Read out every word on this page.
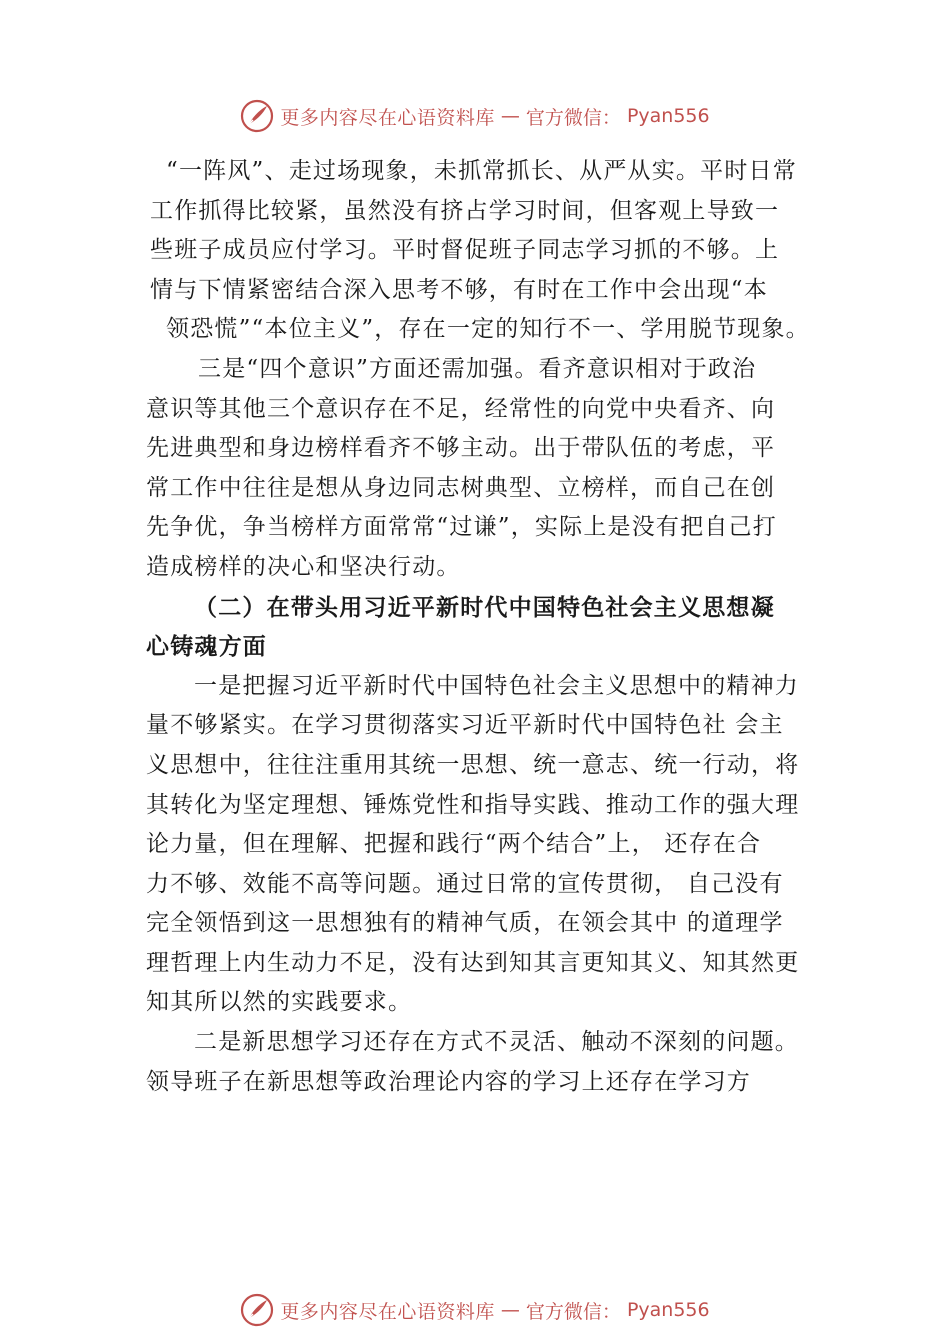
更多内容尽在心语资料库 — 官方微信： Pyan556
“一阵风”、走过场现象，未抓常抓长、从严从实。平时日常
工作抓得比较紧，虽然没有挤占学习时间，但客观上导致一
些班子成员应付学习。平时督促班子同志学习抓的不够。上
情与下情紧密结合深入思考不够，有时在工作中会出现“本
领恐慌”“本位主义”，存在一定的知行不一、学用脱节现象。
三是“四个意识”方面还需加强。看齐意识相对于政治
意识等其他三个意识存在不足，经常性的向党中央看齐、向
先进典型和身边榜样看齐不够主动。出于带队伍的考虑，平
常工作中往往是想从身边同志树典型、立榜样，而自己在创
先争优，争当榜样方面常常“过谦”，实际上是没有把自己打
造成榜样的决心和坚决行动。
（二）在带头用习近平新时代中国特色社会主义思想凝
心铸魂方面
一是把握习近平新时代中国特色社会主义思想中的精神力
量不够紧实。在学习贯彻落实习近平新时代中国特色社 会主
义思想中，往往注重用其统一思想、统一意志、统一行动，将
其转化为坚定理想、锤炼党性和指导实践、推动工作的强大理
论力量，但在理解、把握和践行“两个结合”上， 还存在合
力不够、效能不高等问题。通过日常的宣传贯彻， 自己没有
完全领悟到这一思想独有的精神气质，在领会其中 的道理学
理哲理上内生动力不足，没有达到知其言更知其义、知其然更
知其所以然的实践要求。
二是新思想学习还存在方式不灵活、触动不深刻的问题。
领导班子在新思想等政治理论内容的学习上还存在学习方
更多内容尽在心语资料库 — 官方微信： Pyan556
